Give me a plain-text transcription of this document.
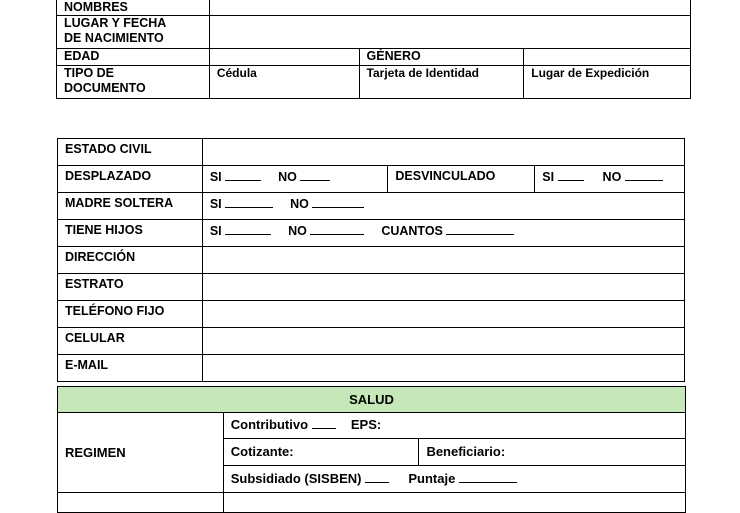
NOMBRES			

LUGAR Y FECHA
DE NACIMIENTO			

EDAD		GÉNERO	

TIPO DE
DOCUMENTO	Cédula	Tarjeta de Identidad	Lugar de Expedición
ESTADO CIVIL			
DESPLAZADO	SI NO	DESVINCULADO	SI NO
MADRE SOLTERA	SI NO		
TIENE HIJOS	SI NO CUANTOS		
DIRECCIÓN			
ESTRATO			
TELÉFONO FIJO			
CELULAR			
E-MAIL			
SALUD		
REGIMEN	Contributivo EPS:	
	Cotizante:	Beneficiario:
	Subsidiado (SISBEN) Puntaje	
